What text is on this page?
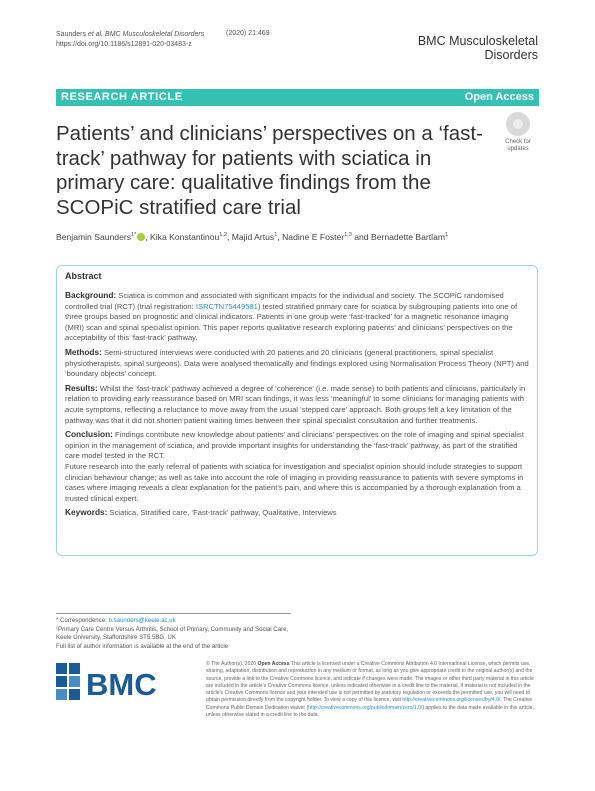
Saunders et al. BMC Musculoskeletal Disorders
https://doi.org/10.1186/s12891-020-03483-z
(2020) 21:469
BMC Musculoskeletal
Disorders
RESEARCH ARTICLE	Open Access
Patients’ and clinicians’ perspectives on a ‘fast-track’ pathway for patients with sciatica in primary care: qualitative findings from the SCOPiC stratified care trial
Check for
updates
Benjamin Saunders$^{1*}$ , Kika Konstantinou$^{1,2}$, Majid Artus$^1$, Nadine E Foster$^{1,3}$ and Bernadette Bartlam$^1$
Abstract

Background: Sciatica is common and associated with significant impacts for the individual and society. The SCOPiC randomised controlled trial (RCT) (trial registration: ISRCTN75449581) tested stratified primary care for sciatica by subgrouping patients into one of three groups based on prognostic and clinical indicators. Patients in one group were ‘fast-tracked’ for a magnetic resonance imaging (MRI) scan and spinal specialist opinion. This paper reports qualitative research exploring patients’ and clinicians’ perspectives on the acceptability of this ‘fast-track’ pathway.

Methods: Semi-structured interviews were conducted with 20 patients and 20 clinicians (general practitioners, spinal specialist physiotherapists, spinal surgeons). Data were analysed thematically and findings explored using Normalisation Process Theory (NPT) and ‘boundary objects’ concept.

Results: Whilst the ‘fast-track’ pathway achieved a degree of ‘coherence’ (i.e. made sense) to both patients and clinicians, particularly in relation to providing early reassurance based on MRI scan findings, it was less ‘meaningful’ to some clinicians for managing patients with acute symptoms, reflecting a reluctance to move away from the usual ‘stepped care’ approach. Both groups felt a key limitation of the pathway was that it did not shorten patient waiting times between their spinal specialist consultation and further treatments.

Conclusion: Findings contribute new knowledge about patients’ and clinicians’ perspectives on the role of imaging and spinal specialist opinion in the management of sciatica, and provide important insights for understanding the ‘fast-track’ pathway, as part of the stratified care model tested in the RCT.

Future research into the early referral of patients with sciatica for investigation and specialist opinion should include strategies to support clinician behaviour change; as well as take into account the role of imaging in providing reassurance to patients with severe symptoms in cases where imaging reveals a clear explanation for the patient’s pain, and where this is accompanied by a thorough explanation from a trusted clinical expert.

Keywords: Sciatica, Stratified care, ‘Fast-track’ pathway, Qualitative, Interviews

* Correspondence: b.saunders@keele.ac.uk
¹Primary Care Centre Versus Arthritis, School of Primary, Community and Social Care, Keele University, Staffordshire ST5 5BG, UK
Full list of author information is available at the end of the article
BMC
© The Author(s). 2020 Open Access This article is licensed under a Creative Commons Attribution 4.0 International License, which permits use, sharing, adaptation, distribution and reproduction in any medium or format, as long as you give appropriate credit to the original author(s) and the source, provide a link to the Creative Commons licence, and indicate if changes were made. The images or other third party material in this article are included in the article's Creative Commons licence, unless indicated otherwise in a credit line to the material. If material is not included in the article's Creative Commons licence and your intended use is not permitted by statutory regulation or exceeds the permitted use, you will need to obtain permission directly from the copyright holder. To view a copy of this licence, visit http://creativecommons.org/licenses/by/4.0/. The Creative Commons Public Domain Dedication waiver (http://creativecommons.org/publicdomain/zero/1.0/) applies to the data made available in this article, unless otherwise stated in a credit line to the data.
